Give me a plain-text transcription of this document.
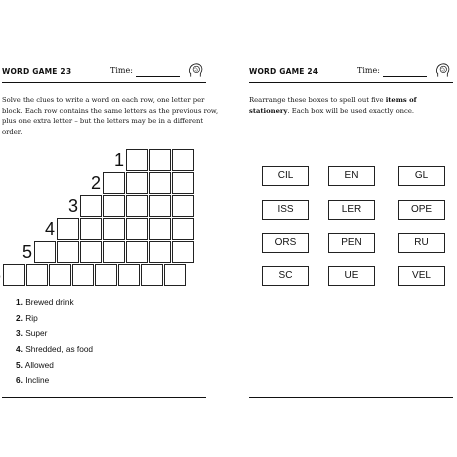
WORD GAME 23	Time:
Solve the clues to write a word on each row, one letter per block. Each row contains the same letters as the previous row, plus one extra letter – but the letters may be in a different order.
1
2
3
4
5
1. Brewed drink
2. Rip
3. Super
4. Shredded, as food
5. Allowed
6. Incline
WORD GAME 24	Time:
Rearrange these boxes to spell out five items of stationery. Each box will be used exactly once.
CIL	EN	GL
ISS	LER	OPE
ORS	PEN	RU
SC	UE	VEL
